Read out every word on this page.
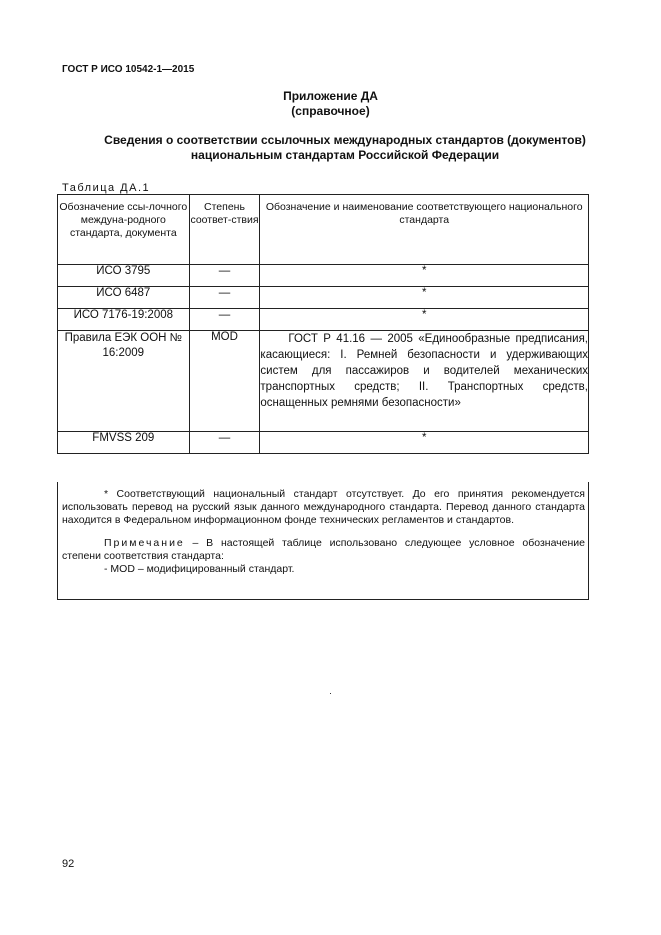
ГОСТ Р ИСО 10542-1—2015
Приложение ДА
(справочное)
Сведения о соответствии ссылочных международных стандартов (документов) национальным стандартам Российской Федерации
Таблица ДА.1
Обозначение ссы-лочного междуна-родного стандарта, документа	Степень соответ-ствия	Обозначение и наименование соответствующего национального стандарта
ИСО 3795	—	*
ИСО 6487	—	*
ИСО 7176-19:2008	—	*
Правила ЕЭК ООН № 16:2009	MOD	ГОСТ Р 41.16 — 2005 «Единообразные предписания, касающиеся: I. Ремней безопасности и удерживающих систем для пассажиров и водителей механических транспортных средств; II. Транспортных средств, оснащенных ремнями безопасности»
FMVSS 209	—	*

* Соответствующий национальный стандарт отсутствует. До его принятия рекомендуется использовать перевод на русский язык данного международного стандарта. Перевод данного стандарта находится в Федеральном информационном фонде технических регламентов и стандартов.

Примечание – В настоящей таблице использовано следующее условное обозначение степени соответствия стандарта:

- MOD – модифицированный стандарт.
92
